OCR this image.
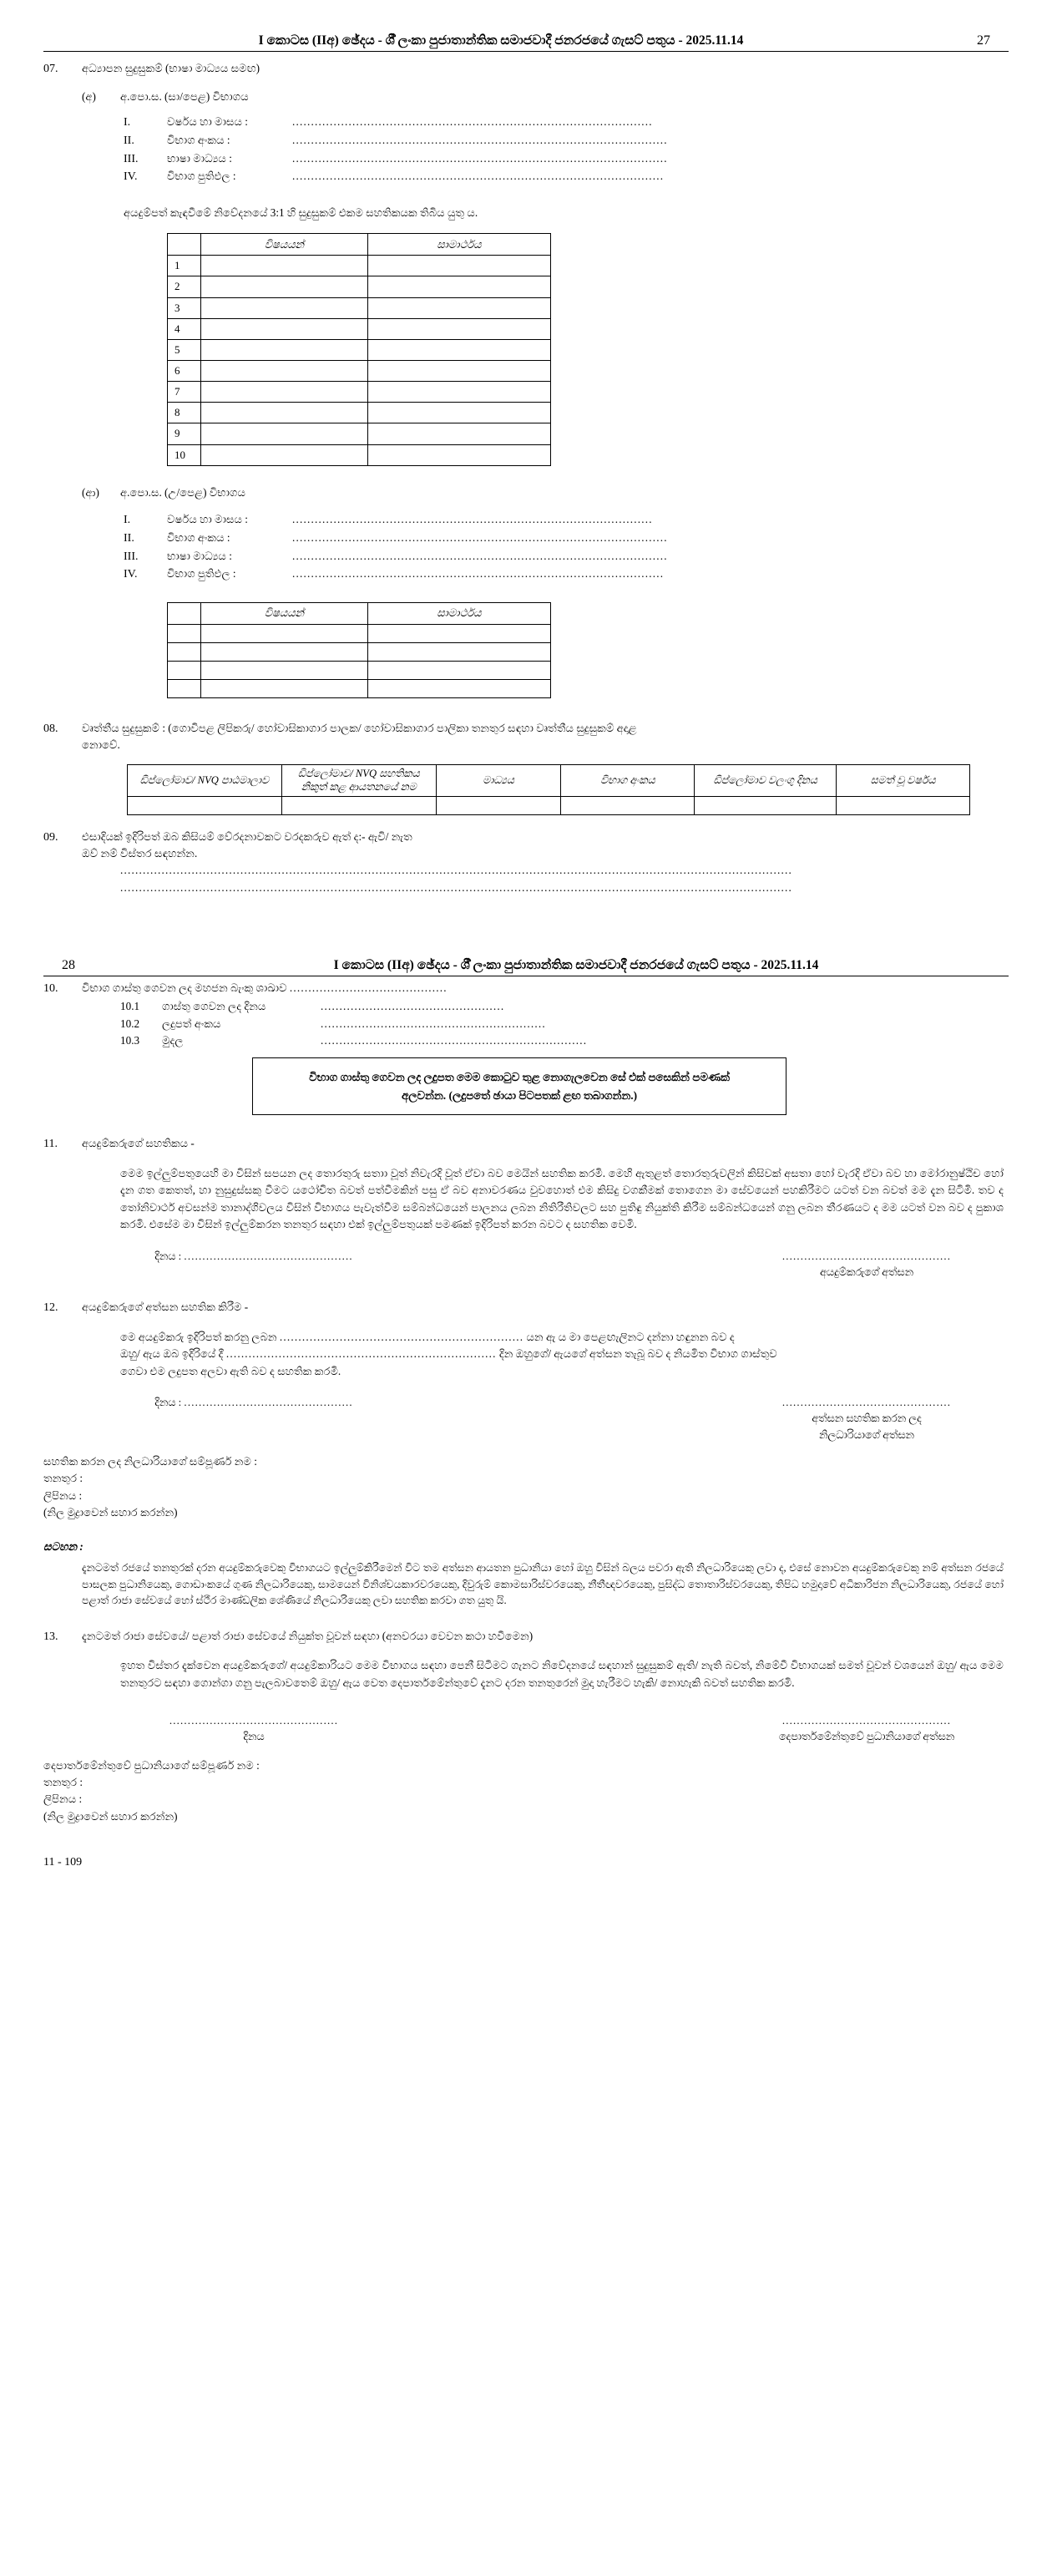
I කොටස (IIඅ) ඡේදය - ශී් ලංකා පුජාතාන්තික සමාජවාදී ජනරජයේ ගැසට් පතුය - 2025.11.14	27
07.	අධ්‍යාපන සුදුසුකම් (භාෂා මාධ්‍යය සමඟ)
(අ)	අ.පො.ස. (සා/පෙළ) විභාගය
I.	වර්ෂය හා මාසය :	................................................................................................
II.	විභාග අංකය :	....................................................................................................
III.	භාෂා මාධ්‍යය :	....................................................................................................
IV.	විභාග පුතිඵල :	...................................................................................................
අයදුම්පත් කැඳවීමේ නිවේදනයේ 3:1 හි සුදුසුකම් එකම සහතිකයක තිබිය යුතු ය.
	විෂයයන්	සාමාර්ථය
1		
2		
3		
4		
5		
6		
7		
8		
9		
10		
(ආ)	අ.පො.ස. (උ/පෙළ) විභාගය
I.	වර්ෂය හා මාසය :	................................................................................................
II.	විභාග අංකය :	....................................................................................................
III.	භාෂා මාධ්‍යය :	....................................................................................................
IV.	විභාග පුතිඵල :	...................................................................................................
	විෂයයන්	සාමාර්ථය

08.	වෘත්තීය සුදුසුකම් : (ගොවිපළ ලිපිකරු/ හෝවාසිකාගාර පාලක/ හෝවාසිකාගාර පාලිකා තනතුර සඳහා වෘත්තීය සුදුසුකම් අදාළ
නොවේ.
ඩිප්ලෝමාව/ NVQ පාඨමාලාව	ඩිප්ලෝමාව/ NVQ සහතිකය නිකුත් කළ ආයතනයේ නම	මාධ්‍යය	විභාග අංකය	ඩිප්ලෝමාව වලංගු දිනය	සමත් වූ වර්ෂය

09.	එසාදියක් ඉදිරිපත් ඔබ කිසියම් වේරදනාවකට වරදකරුව ඇත් ද:- ඇවි/ නැත
ඔව් නම් විස්තර සඳහන්න.
...................................................................................................................................................................................
...................................................................................................................................................................................
28	I කොටස (IIඅ) ඡේදය - ශී් ලංකා පුජාතාන්තික සමාජවාදී ජනරජයේ ගැසට් පතුය - 2025.11.14
10.	විභාග ගාස්තු ගෙවන ලද මහජන බැංකු ශාඛාව ..........................................
10.1	ගාස්තු ගෙවන ලද දිනය	.................................................
10.2	ලදුපත් අංකය	............................................................
10.3	මුදල	.......................................................................
විභාග ගාස්තු ගෙවන ලද ලදුපත මෙම කොටුව තුළ නොගැලවෙන සේ එක් පසෙකින් පමණක්
අලවන්න. (ලදුපතේ ඡායා පිටපතක් ළඟ තබාගන්න.)
11.	අයදුම්කරුගේ සහතිකය -
මෙම ඉල්ලුම්පතුයෙහි මා විසින් සපයන ලද තොරතුරු සතාා වූත් නිවැරදි වූත් ඒවා බව මෙයින් සහතික කරමි. මෙහි ඇතුළත් තොරතුරුවලින් කිසිවක් අසතා හෝ වැරදි ඒවා බව හා මෝරානුෂ්ඨිච හෝ දැන ගත කෙතත්, හා නුසුදුස්සකු වීමට යථෝචිත බවත් පත්වීමකින් පසු ඒ බව අනාවරණය වුවහොත් එම කිසිදු වගකීමක් තොගෙන මා සේවයෙන් පහකිරීමට යටත් වන බවත් මම දැන සිටිමි. තව ද තෝනිවාර්ථ අවසන්ම තානාද්ගිවලය විසින් විභාගය පැවැත්වීම සම්බන්ධයෙන් පාලනය ලබන නිතිරීතිවලට සහ පුතිඳු නියුක්ති කිරීම සම්බන්ධයෙන් ගනු ලබන තීරණයට ද මම යටත් වන බව ද පුකාශ කරමි. එසේම මා විසින් ඉල්ලුම්කරන තනතුර සඳහා එක් ඉල්ලුම්පතුයක් පමණක් ඉදිරිපත් කරන බවට ද සහතික වෙමි.
දිනය : ..............................................	..............................................
අයදුම්කරුගේ අත්සන
12.	අයදුම්කරුගේ අත්සන සහතික කිරීම -
මෙ අයදුම්කරු ඉදිරිපත් කරනු ලබන ................................................................. යන ඇ ය මා පෙළඟැලිනට දන්නා හඳුනන බව ද
ඔහු/ ඇය ඔබ ඉදිරියේ දී ........................................................................ දින ඔහුගේ/ ඇයගේ අත්සන තැබූ බව ද නියමිත විභාග ගාස්තුව
ගෙවා එම ලදුපත අලවා ඇති බව ද සහතික කරමි.
දිනය : ..............................................	..............................................
අත්සන සහතික කරන ලද
නිලධාරියාගේ අත්සන
සහතික කරන ලද නිලධාරියාගේ සම්පූර්ණ නම :
තනතුර :
ලිපිනය :
(නිල මුද්‍රාවෙන් සහාර කරන්න)
සටහන :
දැනටමත් රජයේ තනතුරක් දරන අයදුම්කරුවෙකු විභාගයට ඉල්ලුම්කිරීමෙන් විට තම අත්සන ආයතන පුධානියා හෝ ඔහු විසින් බලය පවරා ඇති නිලධාරියෙකු ලවා ද, එසේ නොවන අයදුම්කරුවෙකු නම් අත්සන රජයේ පාසලක පුධානියෙකු, ගොඩාංකයේ ගුණ නිලධාරියෙකු, සාමයෙන් විනිශ්චයකාරවරයෙකු, දිවුරුම් කොමසාරිස්වරයෙකු, නීතීඥවරයෙකු, පුසිද්ධ තොතාරිස්වරයෙකු, තිපිධ හමුදාවේ අධිකාරිජන නිලධාරියෙකු, රජයේ හෝ පළාත් රාජා සේවයේ හෝ ස්ථීර මාණ්ඩලික ශේණියේ නිලධාරියෙකු ලවා සහතික කරවා ගත යුතු යි.
13.	දැනටමත් රාජා සේවයේ/ පළාත් රාජා සේවයේ නියුක්ත වූවන් සඳහා (අනවරයා වෙවන කථා හවීමෙන)
ඉහත විස්තර දැක්වෙන අයදුම්කරුගේ/ අයදුම්කාරියට මෙම විභාගය සඳහා පෙනී සිටීමට ගැනට නිවේදනයේ සඳහාන් සුදුසුකම් ඇති/ නැති බවත්, නිමේවී විභාගයක් සමත් වූවන් වශයෙන් ඔහු/ ඇය මෙම තනතුරට සඳහා ගොන්ගා ගනු පැලබාවතෙම් ඔහු/ ඇය වෙත දෙපාර්තමේන්තුවේ දැනට දරන තනතුරෙන් මුදා හැරීමට හැකි/ නොහැකි බවත් සහතික කරමි.
..............................................
දිනය
..............................................
දෙපාර්තමේන්තුවේ පුධානියාගේ අත්සන
දෙපාර්තමේන්තුවේ පුධානියාගේ සම්පූර්ණ නම :
තනතුර :
ලිපිනය :
(නිල මුද්‍රාවෙන් සහාර කරන්න)
11 - 109
